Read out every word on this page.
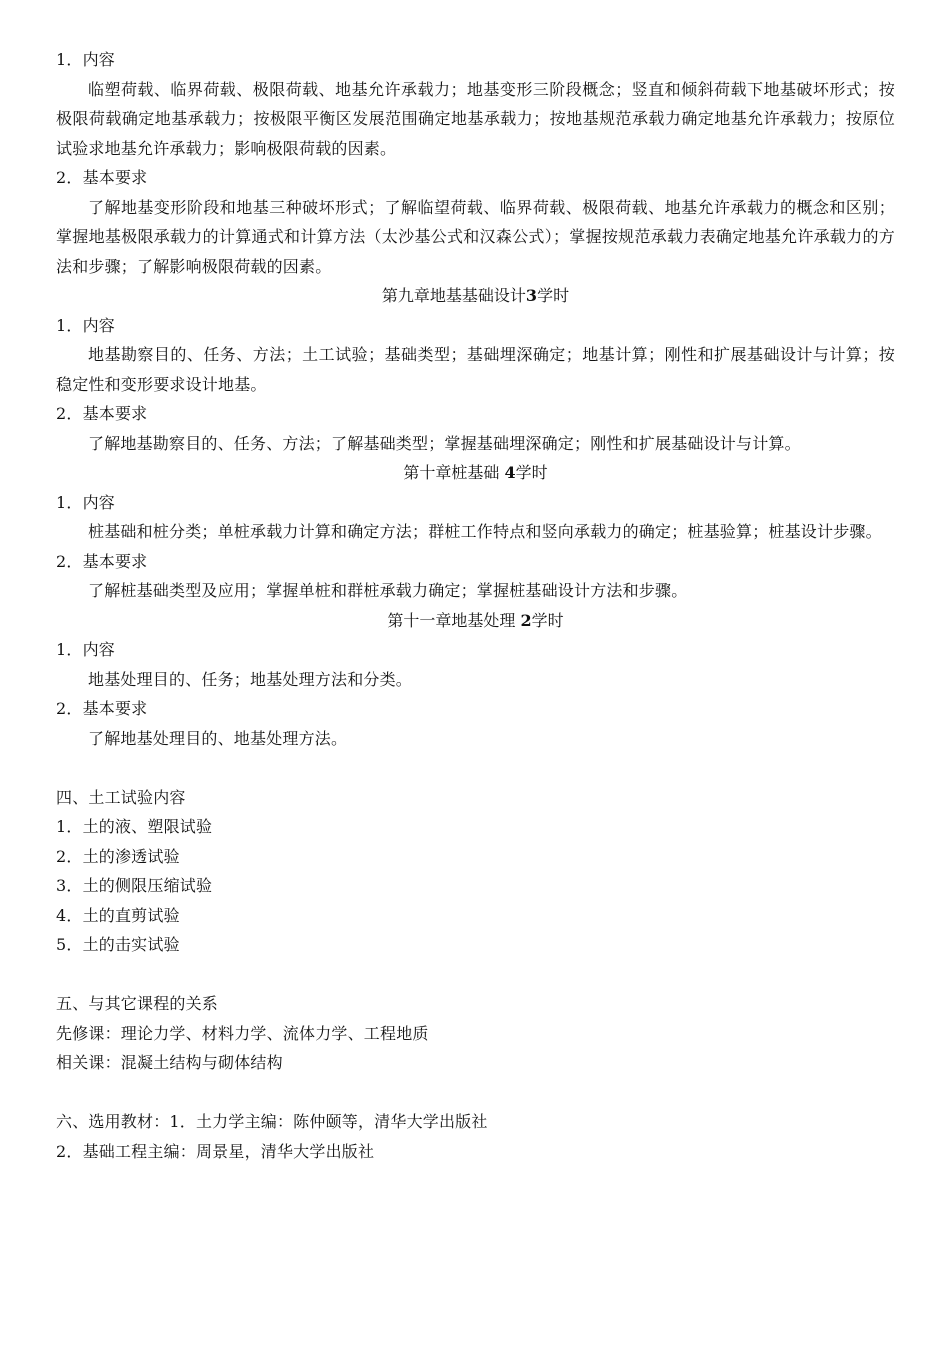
1．内容
临塑荷载、临界荷载、极限荷载、地基允许承载力；地基变形三阶段概念；竖直和倾斜荷载下地基破坏形式；按极限荷载确定地基承载力；按极限平衡区发展范围确定地基承载力；按地基规范承载力确定地基允许承载力；按原位试验求地基允许承载力；影响极限荷载的因素。
2．基本要求
了解地基变形阶段和地基三种破坏形式；了解临望荷载、临界荷载、极限荷载、地基允许承载力的概念和区别；掌握地基极限承载力的计算通式和计算方法（太沙基公式和汉森公式）；掌握按规范承载力表确定地基允许承载力的方法和步骤；了解影响极限荷载的因素。
第九章地基基础设计3学时
1．内容
地基勘察目的、任务、方法；土工试验；基础类型；基础埋深确定；地基计算；刚性和扩展基础设计与计算；按稳定性和变形要求设计地基。
2．基本要求
了解地基勘察目的、任务、方法；了解基础类型；掌握基础埋深确定；刚性和扩展基础设计与计算。
第十章桩基础 4学时
1．内容
桩基础和桩分类；单桩承载力计算和确定方法；群桩工作特点和竖向承载力的确定；桩基验算；桩基设计步骤。
2．基本要求
了解桩基础类型及应用；掌握单桩和群桩承载力确定；掌握桩基础设计方法和步骤。
第十一章地基处理 2学时
1．内容
地基处理目的、任务；地基处理方法和分类。
2．基本要求
了解地基处理目的、地基处理方法。
四、土工试验内容
1．土的液、塑限试验
2．土的渗透试验
3．土的侧限压缩试验
4．土的直剪试验
5．土的击实试验
五、与其它课程的关系
先修课：理论力学、材料力学、流体力学、工程地质
相关课：混凝土结构与砌体结构
六、选用教材：1．土力学主编：陈仲颐等，清华大学出版社
2．基础工程主编：周景星，清华大学出版社
